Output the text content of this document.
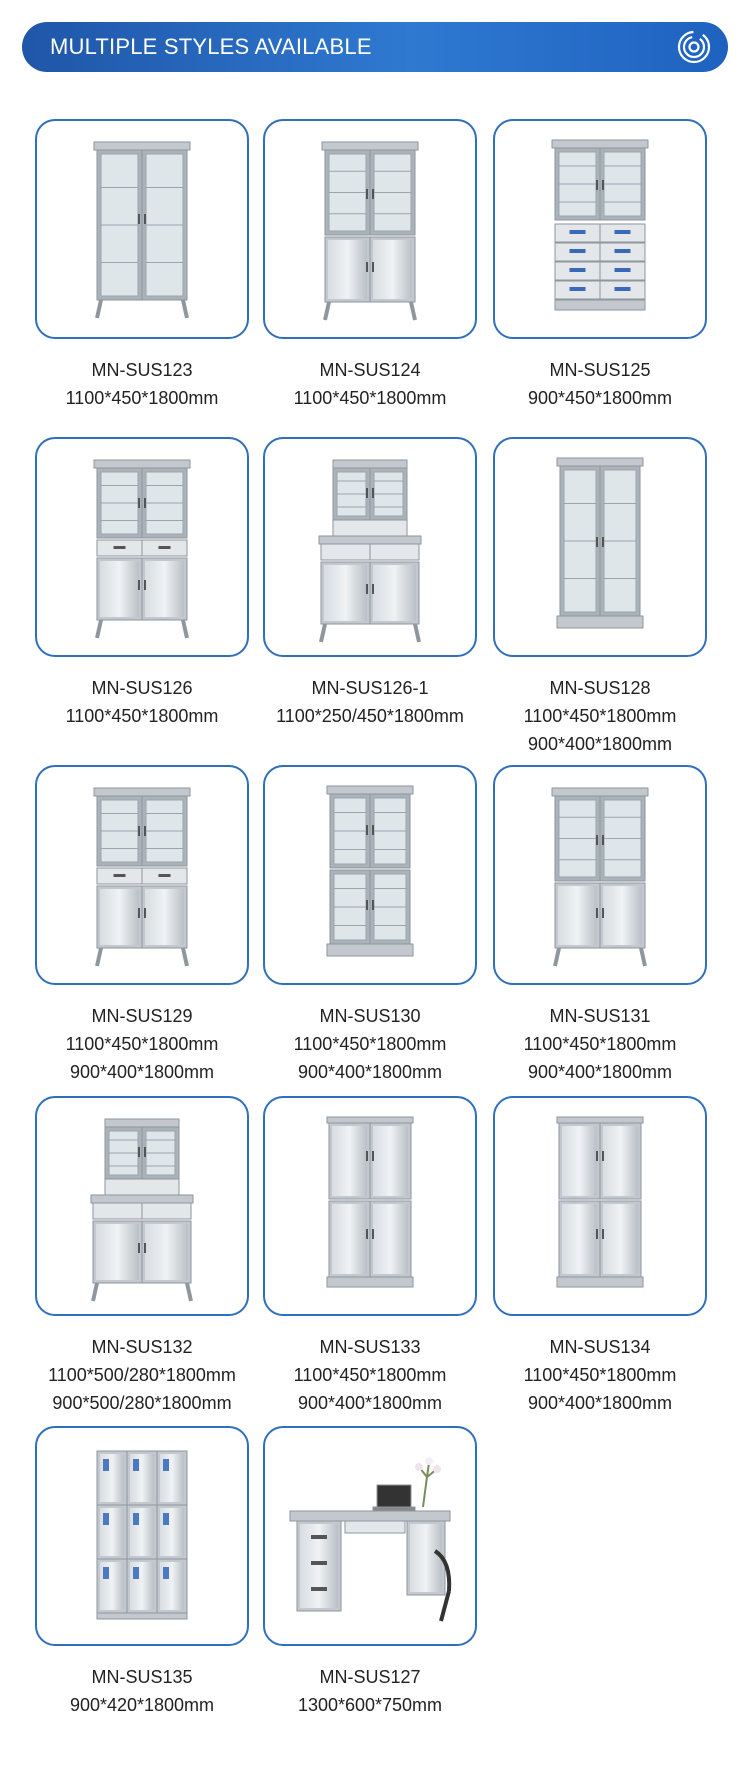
MULTIPLE STYLES AVAILABLE
MN-SUS123
1100*450*1800mm
MN-SUS124
1100*450*1800mm
MN-SUS125
900*450*1800mm
MN-SUS126
1100*450*1800mm
MN-SUS126-1
1100*250/450*1800mm
MN-SUS128
1100*450*1800mm
900*400*1800mm
MN-SUS129
1100*450*1800mm
900*400*1800mm
MN-SUS130
1100*450*1800mm
900*400*1800mm
MN-SUS131
1100*450*1800mm
900*400*1800mm
MN-SUS132
1100*500/280*1800mm
900*500/280*1800mm
MN-SUS133
1100*450*1800mm
900*400*1800mm
MN-SUS134
1100*450*1800mm
900*400*1800mm
MN-SUS135
900*420*1800mm
MN-SUS127
1300*600*750mm
